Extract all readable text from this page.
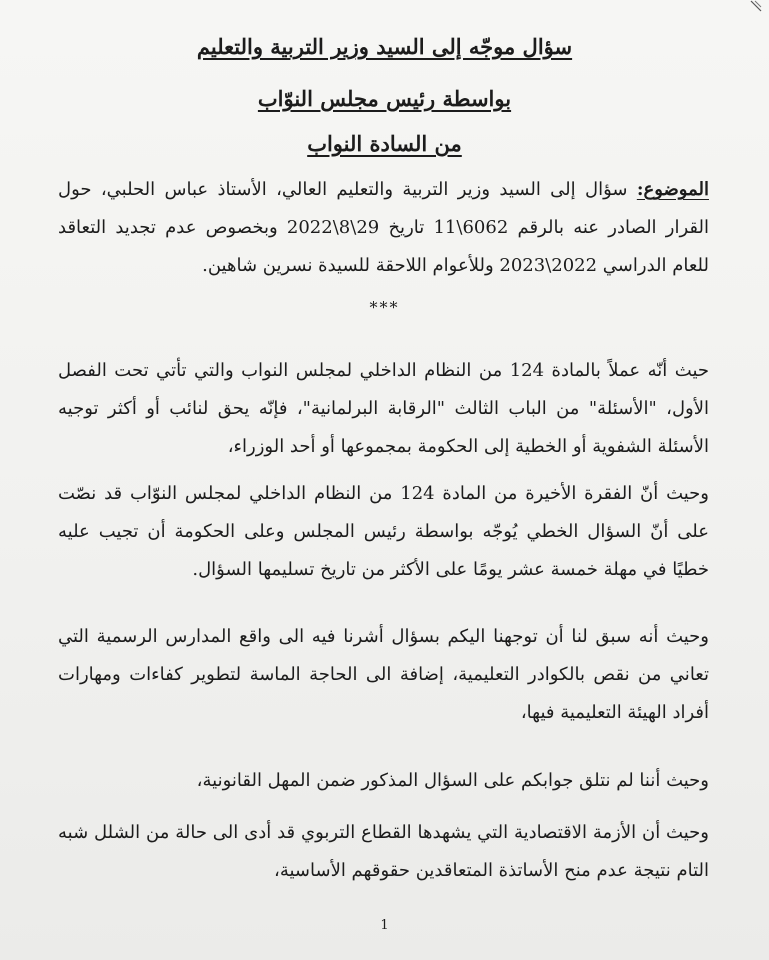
سؤال موجّه إلى السيد وزير التربية والتعليم
بواسطة رئيس مجلس النوّاب
من السادة النواب
الموضوع: سؤال إلى السيد وزير التربية والتعليم العالي، الأستاذ عباس الحلبي، حول القرار الصادر عنه بالرقم 6062\11 تاريخ 29\8\2022 وبخصوص عدم تجديد التعاقد للعام الدراسي 2022\2023 وللأعوام اللاحقة للسيدة نسرين شاهين.
***
حيث أنّه عملاً بالمادة 124 من النظام الداخلي لمجلس النواب والتي تأتي تحت الفصل الأول، "الأسئلة" من الباب الثالث "الرقابة البرلمانية"، فإنّه يحق لنائب أو أكثر توجيه الأسئلة الشفوية أو الخطية إلى الحكومة بمجموعها أو أحد الوزراء،
وحيث أنّ الفقرة الأخيرة من المادة 124 من النظام الداخلي لمجلس النوّاب قد نصّت على أنّ السؤال الخطي يُوجّه بواسطة رئيس المجلس وعلى الحكومة أن تجيب عليه خطيًا في مهلة خمسة عشر يومًا على الأكثر من تاريخ تسليمها السؤال.
وحيث أنه سبق لنا أن توجهنا اليكم بسؤال أشرنا فيه الى واقع المدارس الرسمية التي تعاني من نقص بالكوادر التعليمية، إضافة الى الحاجة الماسة لتطوير كفاءات ومهارات أفراد الهيئة التعليمية فيها،
وحيث أننا لم نتلق جوابكم على السؤال المذكور ضمن المهل القانونية،
وحيث أن الأزمة الاقتصادية التي يشهدها القطاع التربوي قد أدى الى حالة من الشلل شبه التام نتيجة عدم منح الأساتذة المتعاقدين حقوقهم الأساسية،
1
